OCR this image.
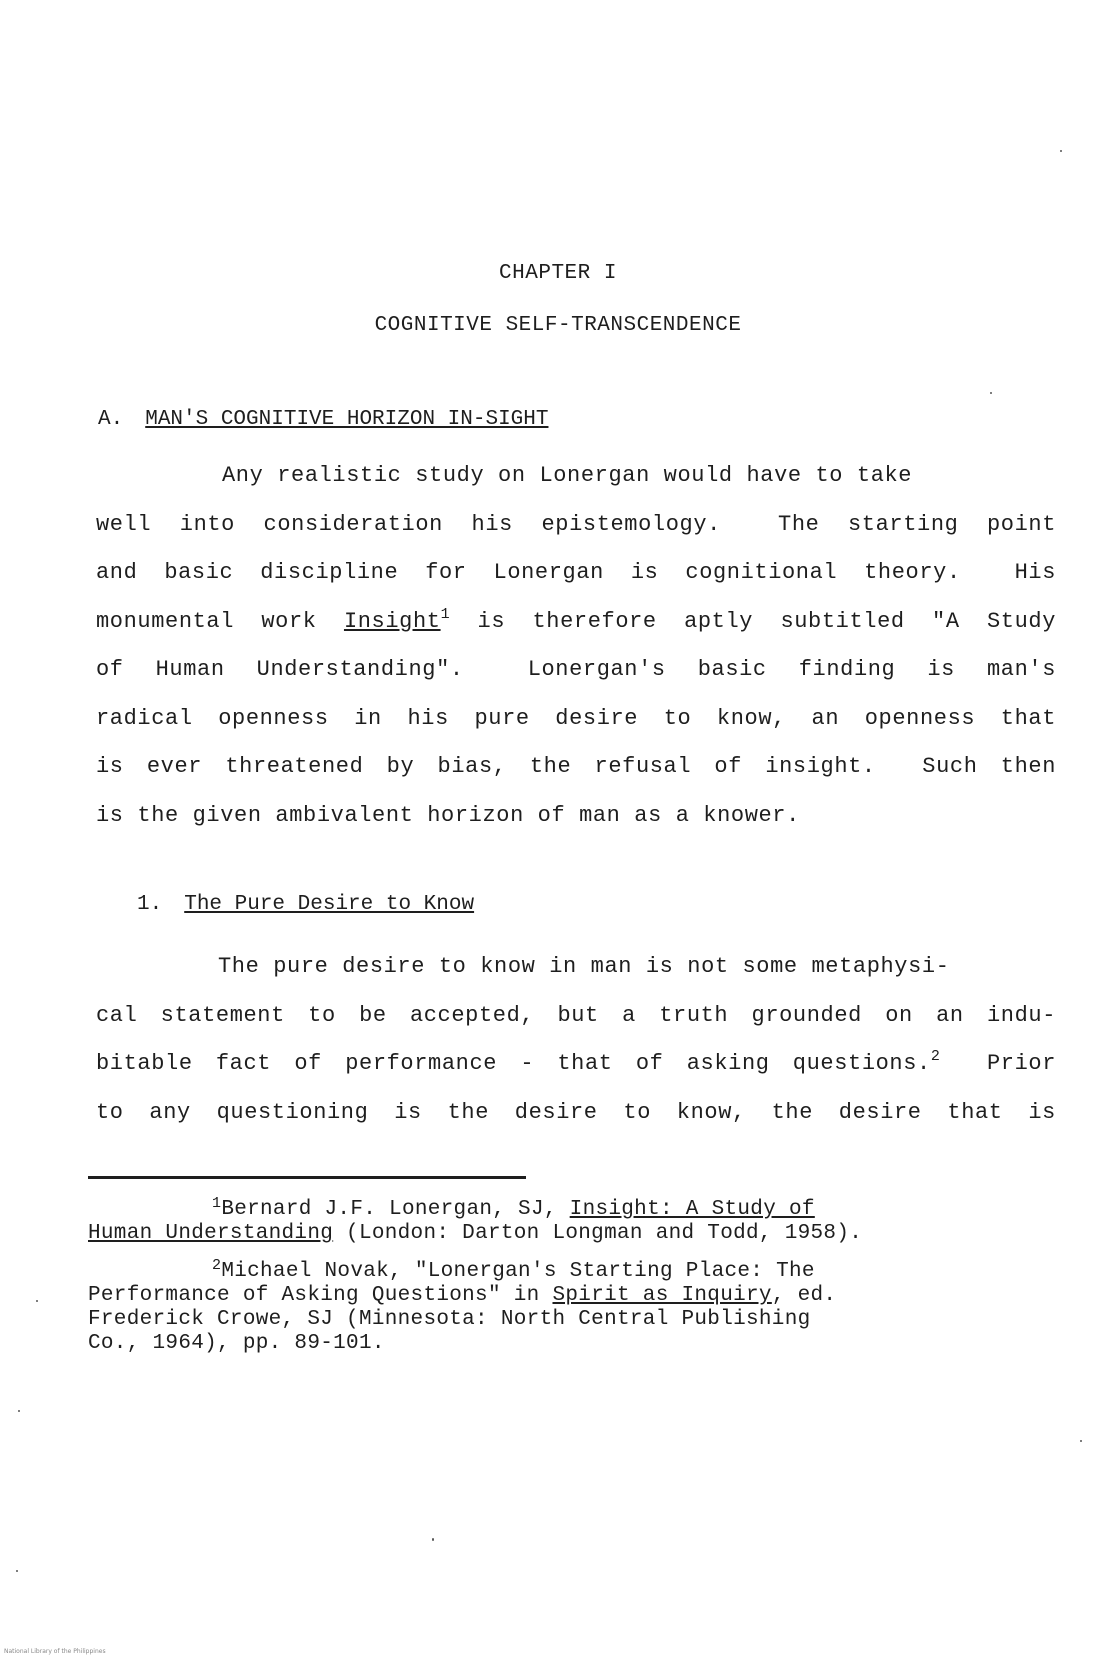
CHAPTER I
COGNITIVE SELF-TRANSCENDENCE
A. MAN'S COGNITIVE HORIZON IN-SIGHT
Any realistic study on Lonergan would have to take
well into consideration his epistemology.  The starting point
and basic discipline for Lonergan is cognitional theory.  His
monumental work Insight$^1$ is therefore aptly subtitled "A Study
of Human Understanding".  Lonergan's basic finding is man's
radical openness in his pure desire to know, an openness that
is ever threatened by bias, the refusal of insight.  Such then
is the given ambivalent horizon of man as a knower.
1. The Pure Desire to Know
The pure desire to know in man is not some metaphysi-
cal statement to be accepted, but a truth grounded on an indu-
bitable fact of performance - that of asking questions.$^2$  Prior
to any questioning is the desire to know, the desire that is
$^1$Bernard J.F. Lonergan, SJ, Insight: A Study of
Human Understanding (London: Darton Longman and Todd, 1958).
$^2$Michael Novak, "Lonergan's Starting Place: The
Performance of Asking Questions" in Spirit as Inquiry, ed.
Frederick Crowe, SJ (Minnesota: North Central Publishing
Co., 1964), pp. 89-101.
National Library of the Philippines
